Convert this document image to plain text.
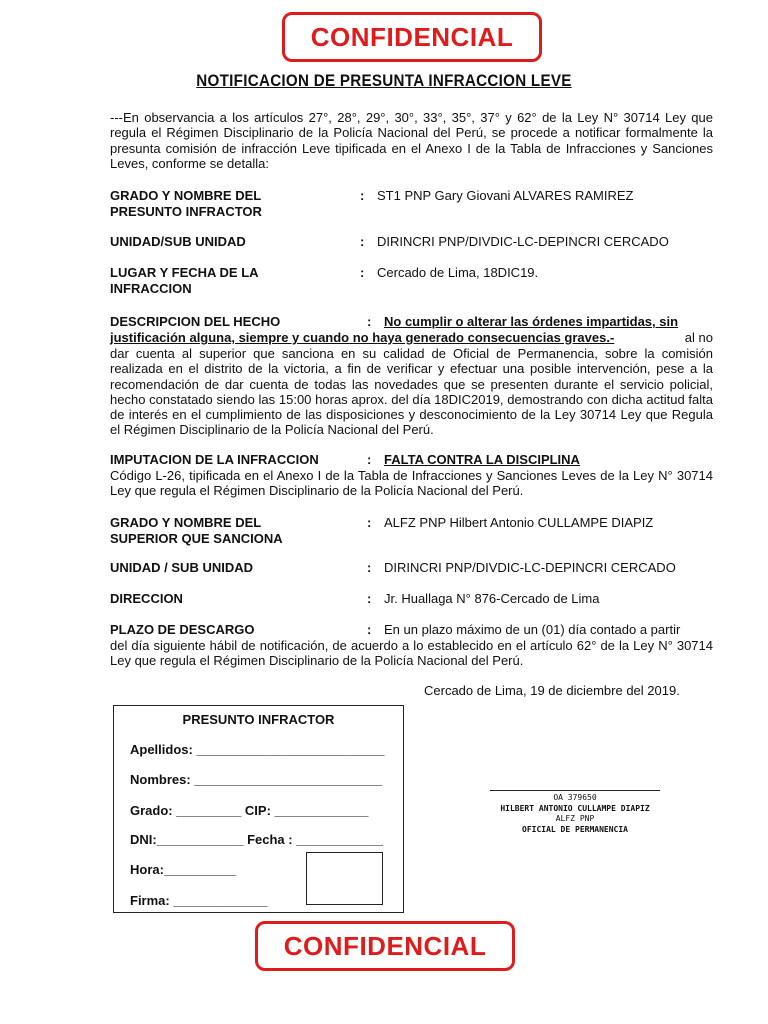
CONFIDENCIAL
NOTIFICACION DE PRESUNTA INFRACCION LEVE
---En observancia a los artículos 27°, 28°, 29°, 30°, 33°, 35°, 37° y 62° de la Ley N° 30714 Ley que regula el Régimen Disciplinario de la Policía Nacional del Perú, se procede a notificar formalmente la presunta comisión de infracción Leve tipificada en el Anexo I de la Tabla de Infracciones y Sanciones Leves, conforme se detalla:
GRADO Y NOMBRE DEL
PRESUNTO INFRACTOR
: ST1 PNP Gary Giovani ALVARES RAMIREZ
UNIDAD/SUB UNIDAD	: DIRINCRI PNP/DIVDIC-LC-DEPINCRI CERCADO
LUGAR Y FECHA DE LA
INFRACCION
: Cercado de Lima, 18DIC19.
DESCRIPCION DEL HECHO	: No cumplir o alterar las órdenes impartidas, sin
justificación alguna, siempre y cuando no haya generado consecuencias graves.-	al no
dar cuenta al superior que sanciona en su calidad de Oficial de Permanencia, sobre la comisión realizada en el distrito de la victoria, a fin de verificar y efectuar una posible intervención, pese a la recomendación de dar cuenta de todas las novedades que se presenten durante el servicio policial, hecho constatado siendo las 15:00 horas aprox. del día 18DIC2019, demostrando con dicha actitud falta de interés en el cumplimiento de las disposiciones y desconocimiento de la Ley 30714 Ley que Regula el Régimen Disciplinario de la Policía Nacional del Perú.
IMPUTACION DE LA INFRACCION	: FALTA CONTRA LA DISCIPLINA
Código L-26, tipificada en el Anexo I de la Tabla de Infracciones y Sanciones Leves de la Ley N° 30714 Ley que regula el Régimen Disciplinario de la Policía Nacional del Perú.
GRADO Y NOMBRE DEL
SUPERIOR QUE SANCIONA
: ALFZ PNP Hilbert Antonio CULLAMPE DIAPIZ
UNIDAD / SUB UNIDAD	: DIRINCRI PNP/DIVDIC-LC-DEPINCRI CERCADO
DIRECCION	: Jr. Huallaga N° 876-Cercado de Lima
PLAZO DE DESCARGO	: En un plazo máximo de un (01) día contado a partir
del día siguiente hábil de notificación, de acuerdo a lo establecido en el artículo 62° de la Ley N° 30714 Ley que regula el Régimen Disciplinario de la Policía Nacional del Perú.
Cercado de Lima, 19 de diciembre del 2019.
PRESUNTO INFRACTOR
Apellidos: __________________________
Nombres: __________________________
Grado: _________ CIP: _____________
DNI:____________ Fecha : ____________
Hora:__________
Firma: _____________
OA 379650
HILBERT ANTONIO CULLAMPE DIAPIZ
ALFZ PNP
OFICIAL DE PERMANENCIA
CONFIDENCIAL
